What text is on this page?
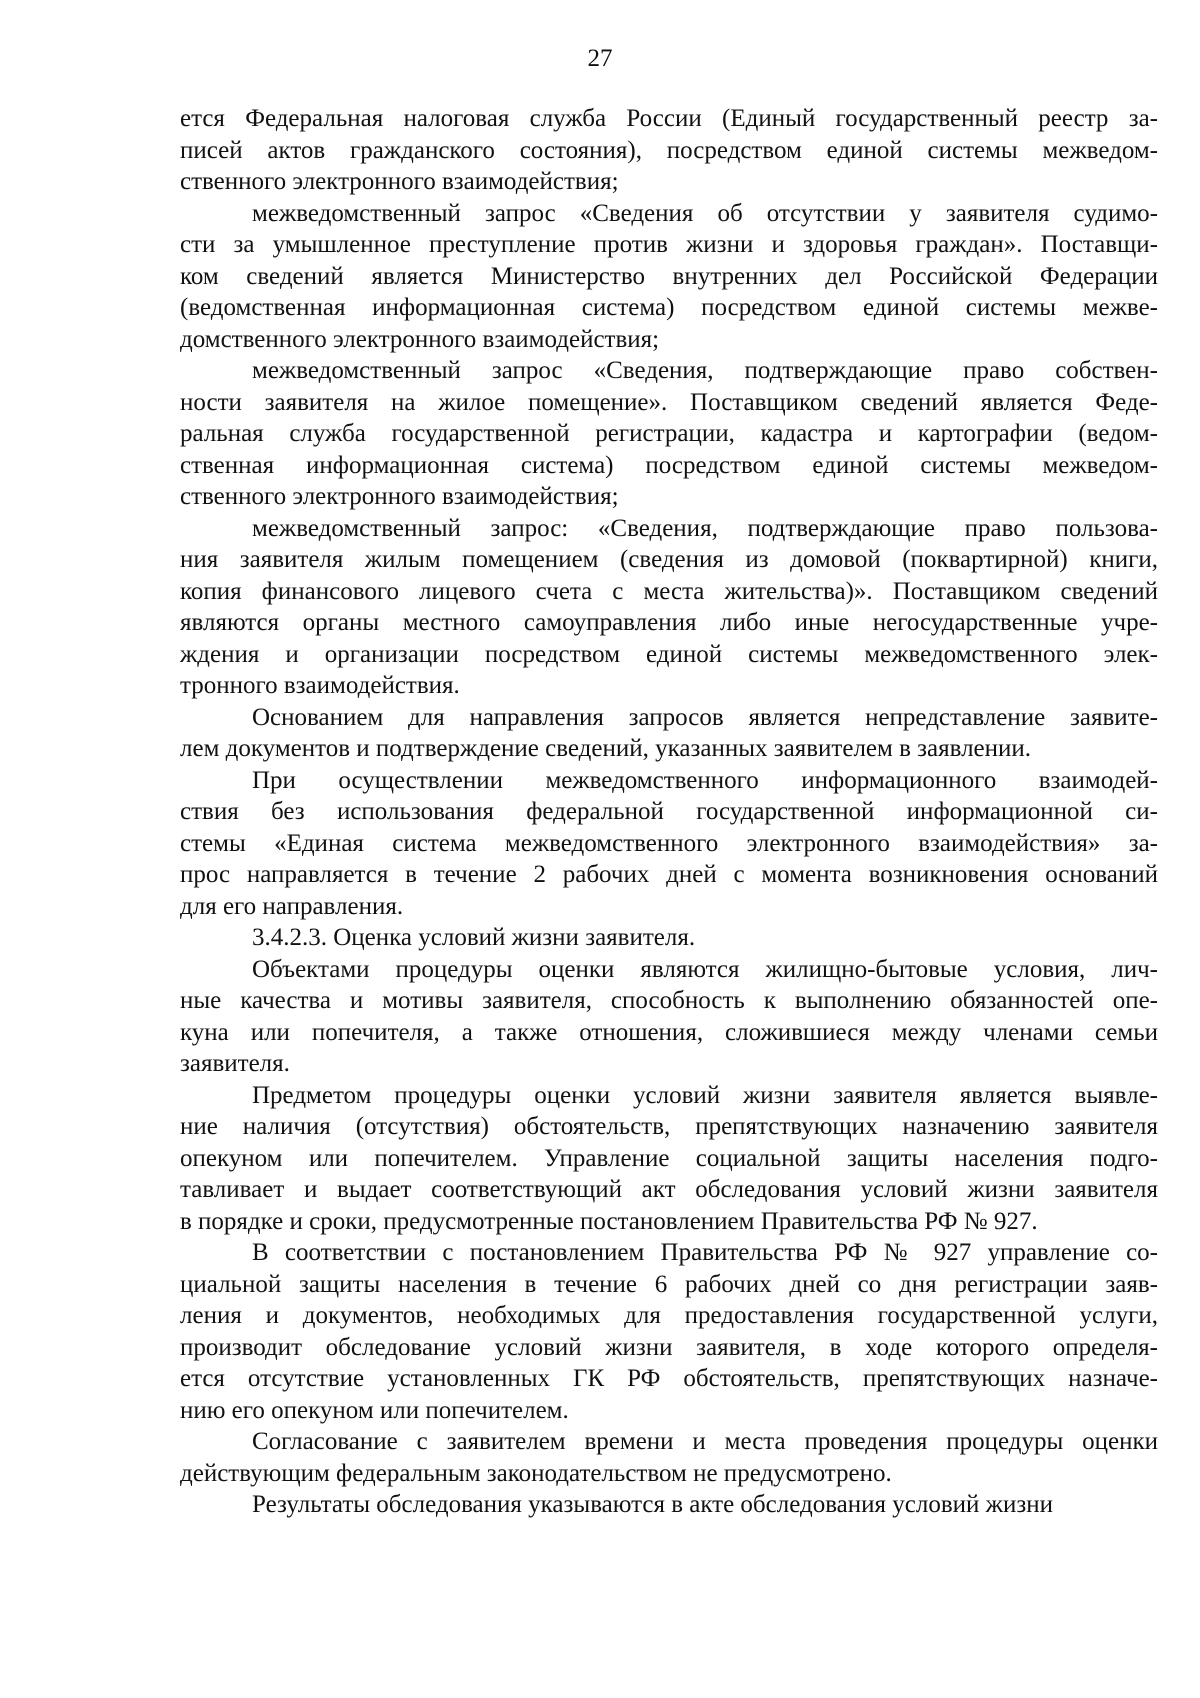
27
ется Федеральная налоговая служба России (Единый государственный реестр за-
писей актов гражданского состояния), посредством единой системы межведом-
ственного электронного взаимодействия;
межведомственный запрос «Сведения об отсутствии у заявителя судимо-
сти за умышленное преступление против жизни и здоровья граждан». Поставщи-
ком сведений является Министерство внутренних дел Российской Федерации
(ведомственная информационная система) посредством единой системы межве-
домственного электронного взаимодействия;
межведомственный запрос «Сведения, подтверждающие право собствен-
ности заявителя на жилое помещение». Поставщиком сведений является Феде-
ральная служба государственной регистрации, кадастра и картографии (ведом-
ственная информационная система) посредством единой системы межведом-
ственного электронного взаимодействия;
межведомственный запрос: «Сведения, подтверждающие право пользова-
ния заявителя жилым помещением (сведения из домовой (поквартирной) книги,
копия финансового лицевого счета с места жительства)». Поставщиком сведений
являются органы местного самоуправления либо иные негосударственные учре-
ждения и организации посредством единой системы межведомственного элек-
тронного взаимодействия.
Основанием для направления запросов является непредставление заявите-
лем документов и подтверждение сведений, указанных заявителем в заявлении.
При осуществлении межведомственного информационного взаимодей-
ствия без использования федеральной государственной информационной си-
стемы «Единая система межведомственного электронного взаимодействия» за-
прос направляется в течение 2 рабочих дней с момента возникновения оснований
для его направления.
3.4.2.3. Оценка условий жизни заявителя.
Объектами процедуры оценки являются жилищно-бытовые условия, лич-
ные качества и мотивы заявителя, способность к выполнению обязанностей опе-
куна или попечителя, а также отношения, сложившиеся между членами семьи
заявителя.
Предметом процедуры оценки условий жизни заявителя является выявле-
ние наличия (отсутствия) обстоятельств, препятствующих назначению заявителя
опекуном или попечителем. Управление социальной защиты населения подго-
тавливает и выдает соответствующий акт обследования условий жизни заявителя
в порядке и сроки, предусмотренные постановлением Правительства РФ № 927.
В соответствии с постановлением Правительства РФ № 927 управление со-
циальной защиты населения в течение 6 рабочих дней со дня регистрации заяв-
ления и документов, необходимых для предоставления государственной услуги,
производит обследование условий жизни заявителя, в ходе которого определя-
ется отсутствие установленных ГК РФ обстоятельств, препятствующих назначе-
нию его опекуном или попечителем.
Согласование с заявителем времени и места проведения процедуры оценки
действующим федеральным законодательством не предусмотрено.
Результаты обследования указываются в акте обследования условий жизни
